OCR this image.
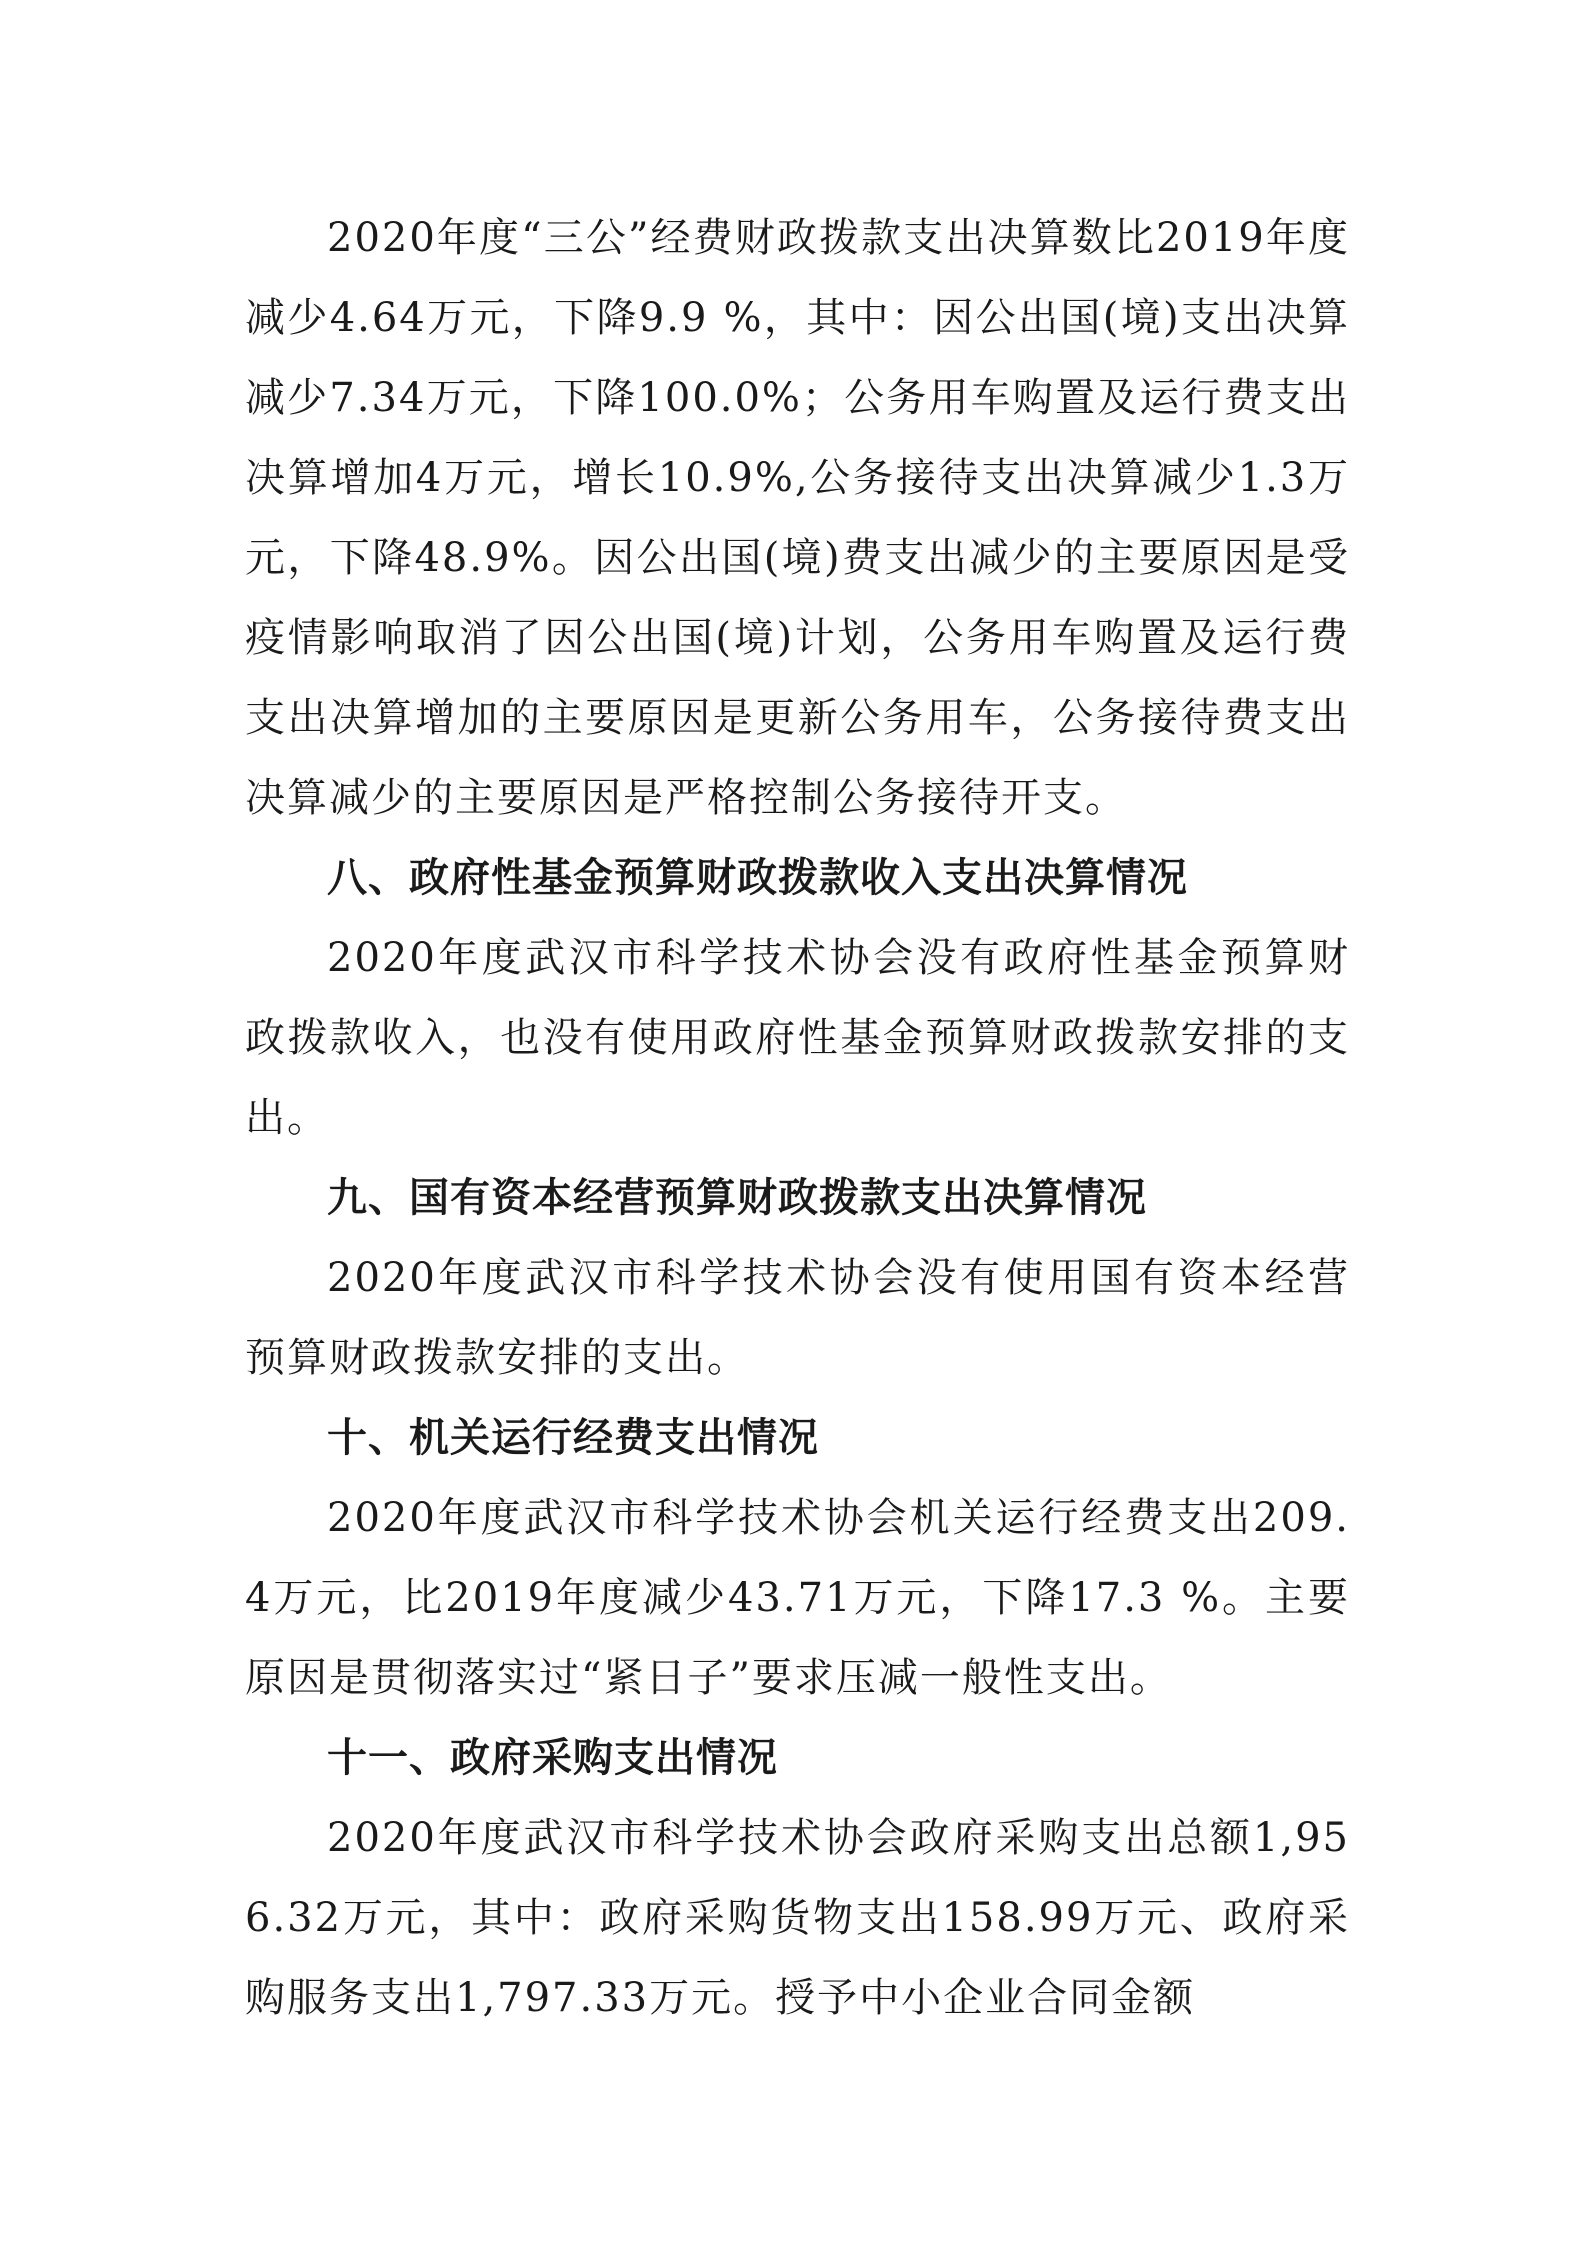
2020年度“三公”经费财政拨款支出决算数比2019年度减少4.64万元，下降9.9 %，其中：因公出国(境)支出决算减少7.34万元，下降100.0%；公务用车购置及运行费支出决算增加4万元，增长10.9%,公务接待支出决算减少1.3万元，下降48.9%。因公出国(境)费支出减少的主要原因是受疫情影响取消了因公出国(境)计划，公务用车购置及运行费支出决算增加的主要原因是更新公务用车，公务接待费支出决算减少的主要原因是严格控制公务接待开支。

八、政府性基金预算财政拨款收入支出决算情况

2020年度武汉市科学技术协会没有政府性基金预算财政拨款收入，也没有使用政府性基金预算财政拨款安排的支出。

九、国有资本经营预算财政拨款支出决算情况

2020年度武汉市科学技术协会没有使用国有资本经营预算财政拨款安排的支出。

十、机关运行经费支出情况

2020年度武汉市科学技术协会机关运行经费支出209.4万元，比2019年度减少43.71万元，下降17.3 %。主要原因是贯彻落实过“紧日子”要求压减一般性支出。

十一、政府采购支出情况

2020年度武汉市科学技术协会政府采购支出总额1,956.32万元，其中：政府采购货物支出158.99万元、政府采购服务支出1,797.33万元。授予中小企业合同金额
